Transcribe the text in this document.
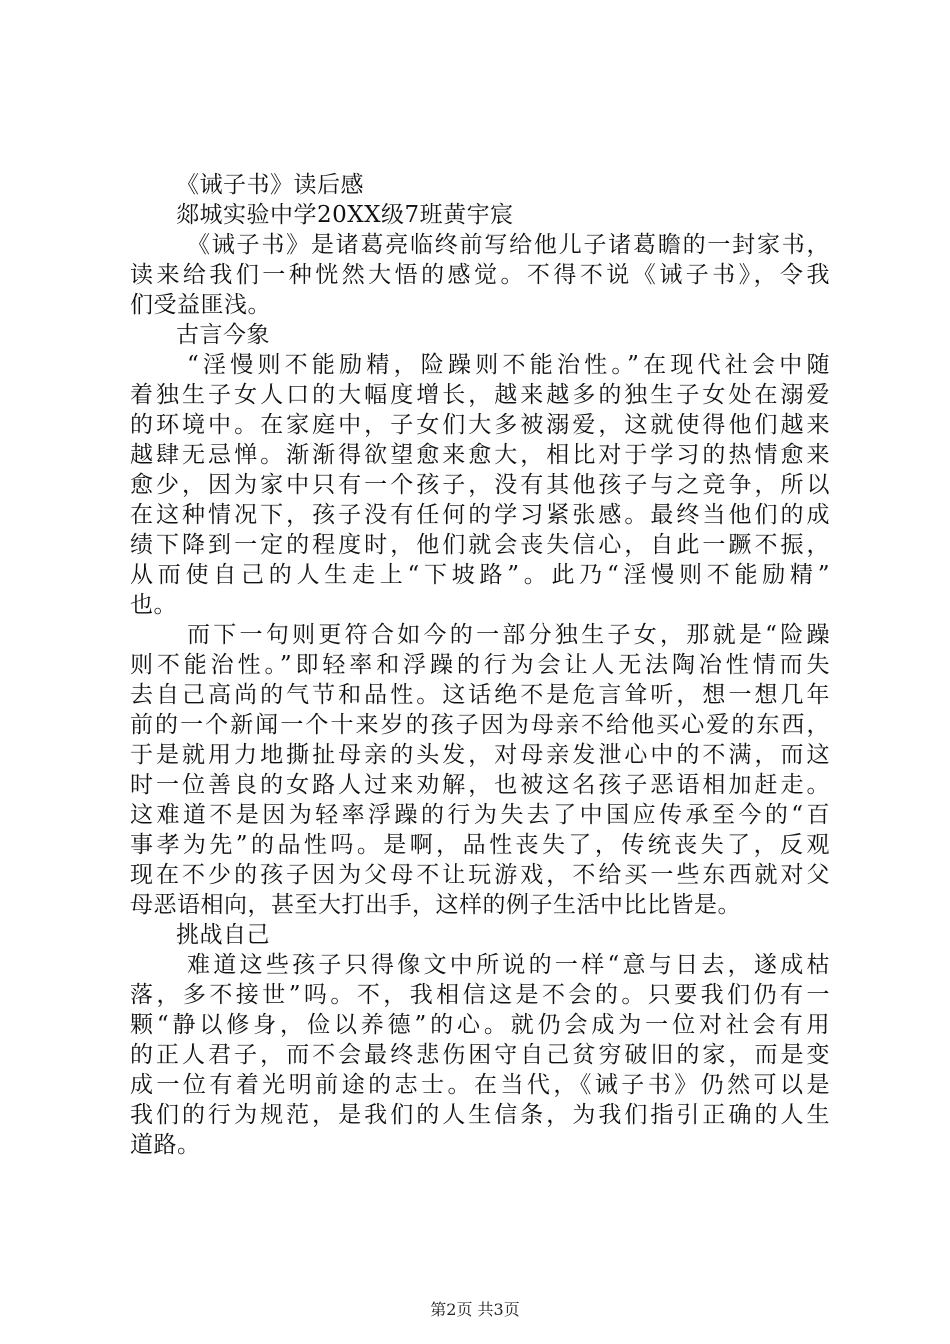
《诫子书》读后感
郯城实验中学20XX级7班黄宇宸
《诫子书》是诸葛亮临终前写给他儿子诸葛瞻的一封家书，
读来给我们一种恍然大悟的感觉。不得不说《诫子书》，令我
们受益匪浅。
古言今象
“淫慢则不能励精，险躁则不能治性。”在现代社会中随
着独生子女人口的大幅度增长，越来越多的独生子女处在溺爱
的环境中。在家庭中，子女们大多被溺爱，这就使得他们越来
越肆无忌惮。渐渐得欲望愈来愈大，相比对于学习的热情愈来
愈少，因为家中只有一个孩子，没有其他孩子与之竞争，所以
在这种情况下，孩子没有任何的学习紧张感。最终当他们的成
绩下降到一定的程度时，他们就会丧失信心，自此一蹶不振，
从而使自己的人生走上“下坡路”。此乃“淫慢则不能励精”
也。
而下一句则更符合如今的一部分独生子女，那就是“险躁
则不能治性。”即轻率和浮躁的行为会让人无法陶冶性情而失
去自己高尚的气节和品性。这话绝不是危言耸听，想一想几年
前的一个新闻一个十来岁的孩子因为母亲不给他买心爱的东西，
于是就用力地撕扯母亲的头发，对母亲发泄心中的不满，而这
时一位善良的女路人过来劝解，也被这名孩子恶语相加赶走。
这难道不是因为轻率浮躁的行为失去了中国应传承至今的“百
事孝为先”的品性吗。是啊，品性丧失了，传统丧失了，反观
现在不少的孩子因为父母不让玩游戏，不给买一些东西就对父
母恶语相向，甚至大打出手，这样的例子生活中比比皆是。
挑战自己
难道这些孩子只得像文中所说的一样“意与日去，遂成枯
落，多不接世”吗。不，我相信这是不会的。只要我们仍有一
颗“静以修身，俭以养德”的心。就仍会成为一位对社会有用
的正人君子，而不会最终悲伤困守自己贫穷破旧的家，而是变
成一位有着光明前途的志士。在当代，《诫子书》仍然可以是
我们的行为规范，是我们的人生信条，为我们指引正确的人生
道路。
第2页 共3页
